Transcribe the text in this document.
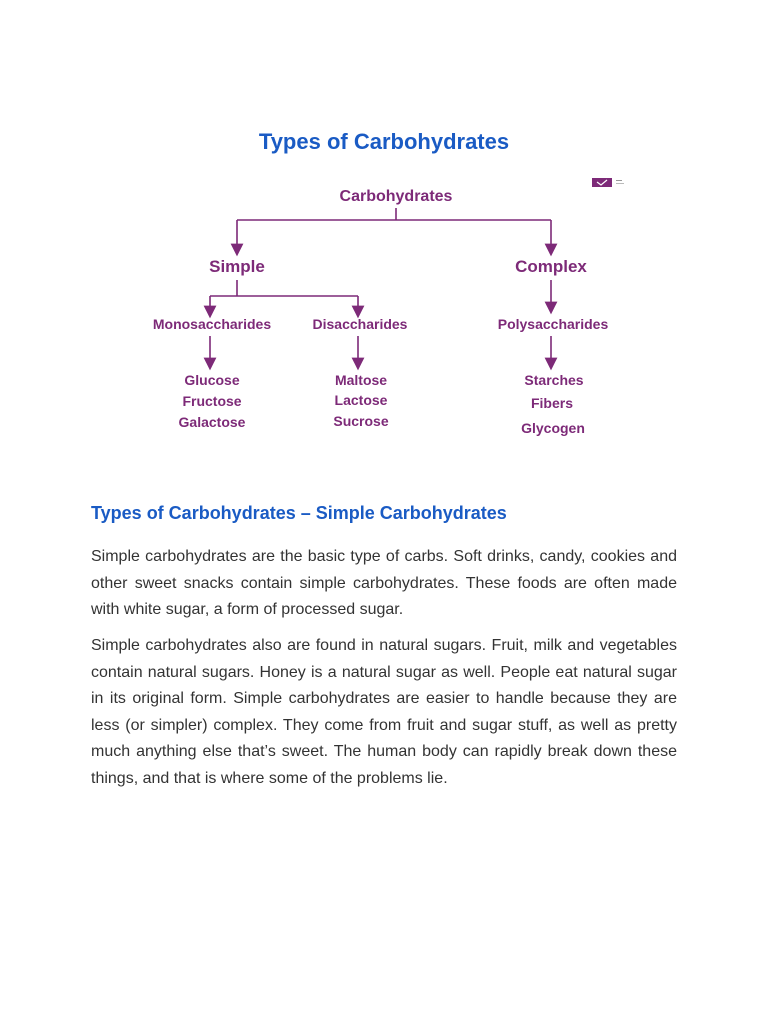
Types of Carbohydrates
Carbohydrates
Simple	Complex
Monosaccharides	Disaccharides	Polysaccharides
Glucose
Fructose
Galactose
Maltose
Lactose
Sucrose
Starches
Fibers
Glycogen
Types of Carbohydrates – Simple Carbohydrates

Simple carbohydrates are the basic type of carbs. Soft drinks, candy, cookies and other sweet snacks contain simple carbohydrates. These foods are often made with white sugar, a form of processed sugar.

Simple carbohydrates also are found in natural sugars. Fruit, milk and vegetables contain natural sugars. Honey is a natural sugar as well. People eat natural sugar in its original form. Simple carbohydrates are easier to handle because they are less (or simpler) complex. They come from fruit and sugar stuff, as well as pretty much anything else that’s sweet. The human body can rapidly break down these things, and that is where some of the problems lie.
